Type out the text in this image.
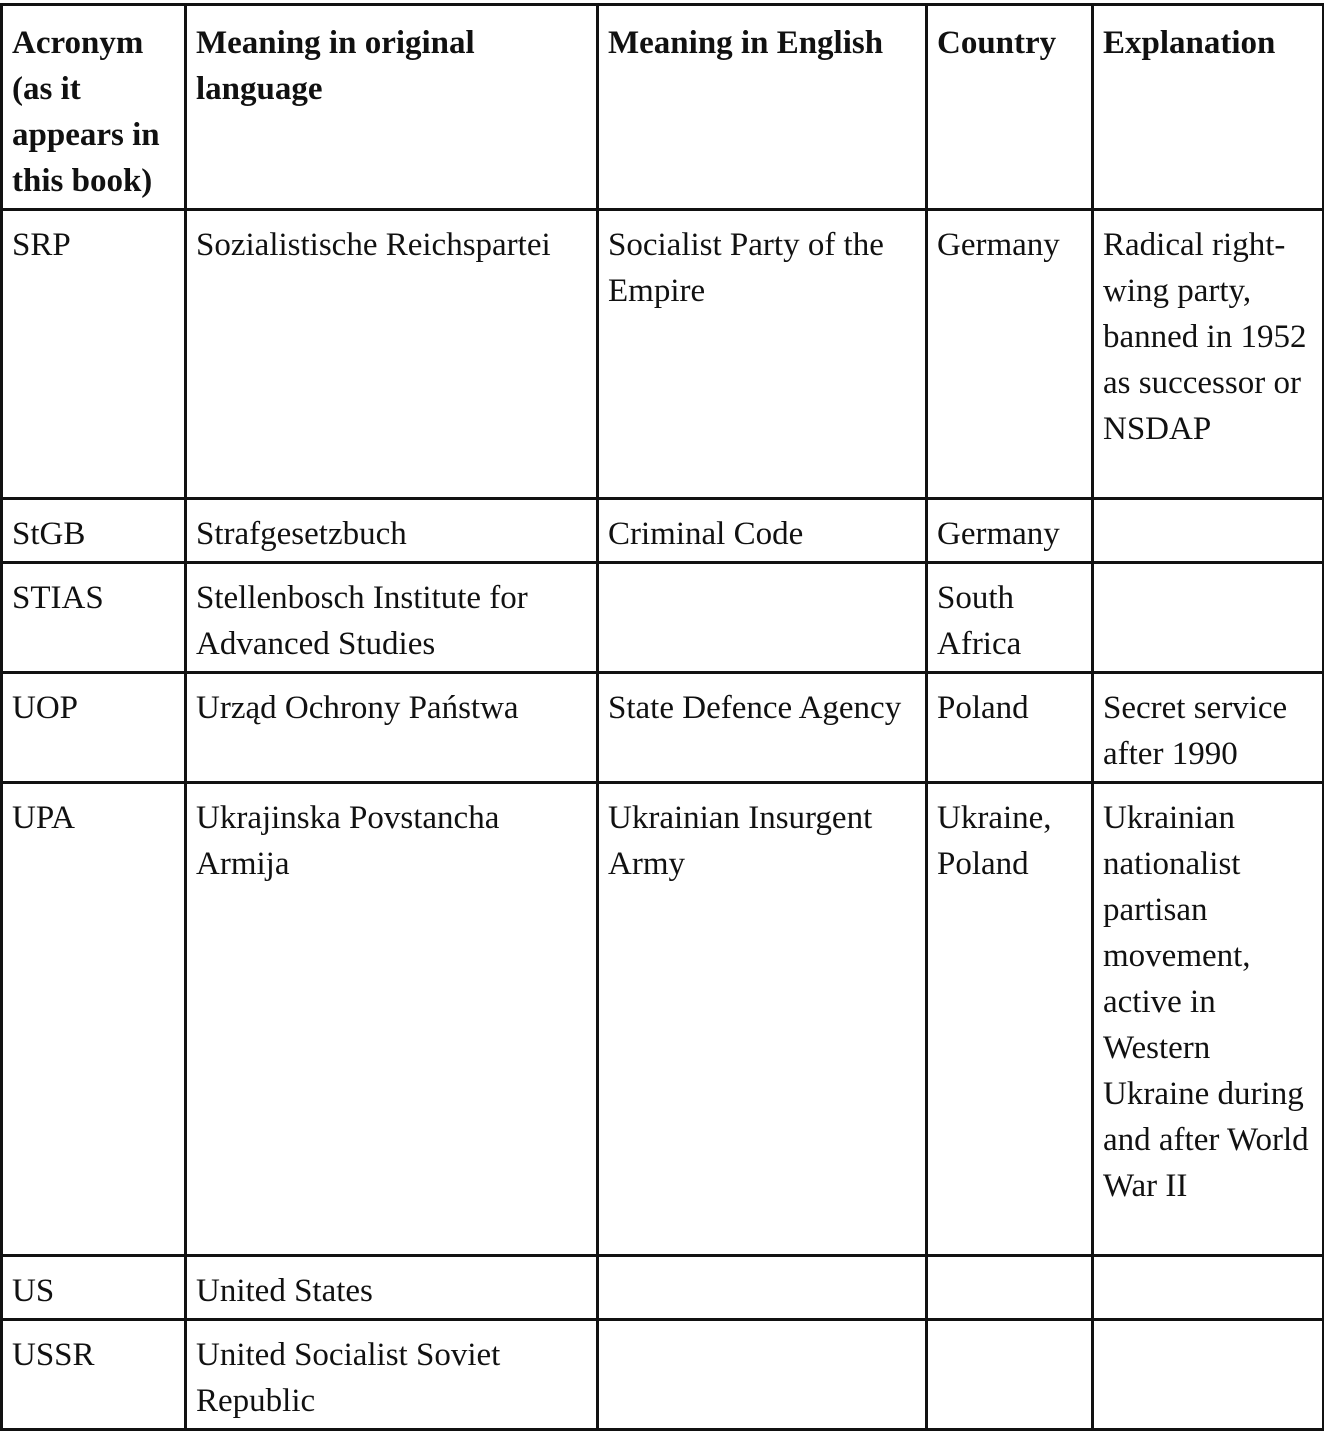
Acronym (as it appears in this book)	Meaning in original language	Meaning in English	Country	Explanation
SRP	Sozialistische Reichspartei	Socialist Party of the Empire	Germany	Radical right-wing party, banned in 1952 as successor or NSDAP
StGB	Strafgesetzbuch	Criminal Code	Germany	
STIAS	Stellenbosch Institute for Advanced Studies		South Africa	
UOP	Urząd Ochrony Państwa	State Defence Agency	Poland	Secret service after 1990
UPA	Ukrajinska Povstancha Armija	Ukrainian Insurgent Army	Ukraine, Poland	Ukrainian nationalist partisan movement, active in Western Ukraine during and after World War II
US	United States			
USSR	United Socialist Soviet Republic			
